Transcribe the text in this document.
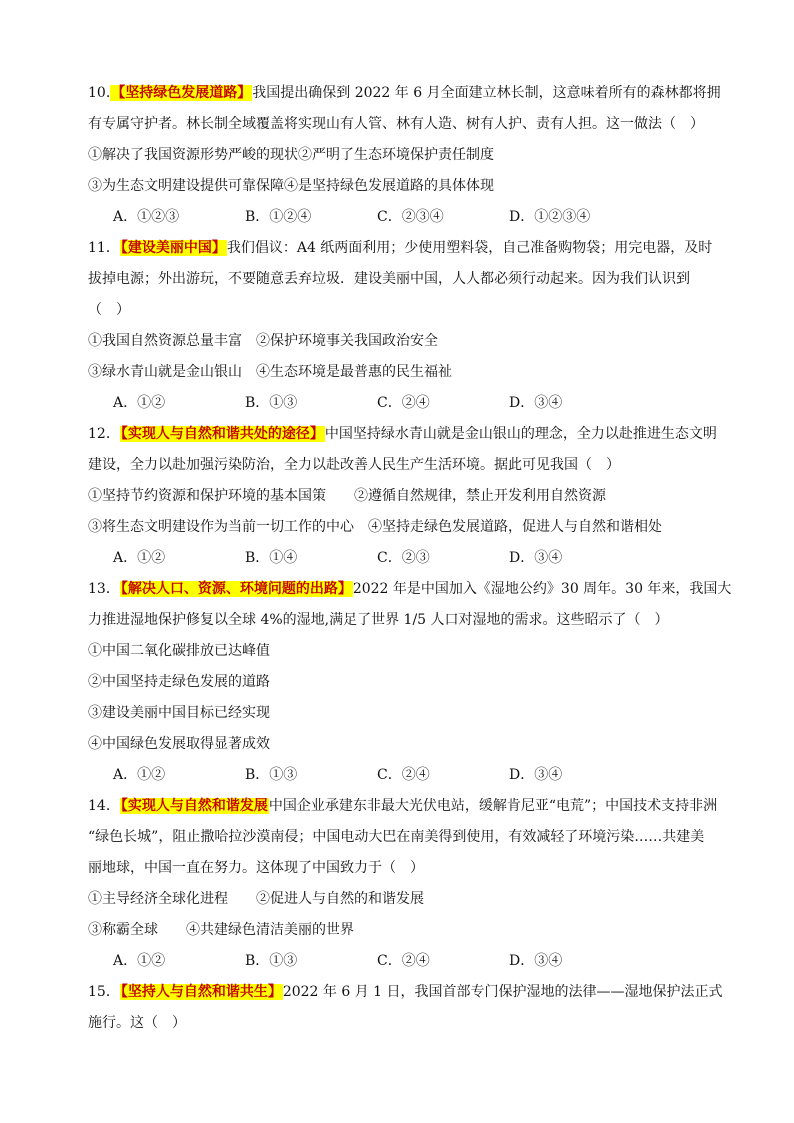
10.【坚持绿色发展道路】我国提出确保到 2022 年 6 月全面建立林长制，这意味着所有的森林都将拥
有专属守护者。林长制全域覆盖将实现山有人管、林有人造、树有人护、责有人担。这一做法（　）
①解决了我国资源形势严峻的现状②严明了生态环境保护责任制度
③为生态文明建设提供可靠保障④是坚持绿色发展道路的具体体现
A．①②③	B．①②④	C．②③④	D．①②③④
11．【建设美丽中国】我们倡议：A4 纸两面利用；少使用塑料袋，自己准备购物袋；用完电器，及时
拔掉电源；外出游玩，不要随意丢弃垃圾．建设美丽中国，人人都必须行动起来。因为我们认识到
（　）
①我国自然资源总量丰富　②保护环境事关我国政治安全
③绿水青山就是金山银山　④生态环境是最普惠的民生福祉
A．①②	B．①③	C．②④	D．③④
12．【实现人与自然和谐共处的途径】中国坚持绿水青山就是金山银山的理念，全力以赴推进生态文明
建设，全力以赴加强污染防治，全力以赴改善人民生产生活环境。据此可见我国（　）
①坚持节约资源和保护环境的基本国策　　②遵循自然规律，禁止开发利用自然资源
③将生态文明建设作为当前一切工作的中心　④坚持走绿色发展道路，促进人与自然和谐相处
A．①②	B．①④	C．②③	D．③④
13．【解决人口、资源、环境问题的出路】2022 年是中国加入《湿地公约》30 周年。30 年来，我国大
力推进湿地保护修复以全球 4%的湿地,满足了世界 1/5 人口对湿地的需求。这些昭示了（　）
①中国二氧化碳排放已达峰值
②中国坚持走绿色发展的道路
③建设美丽中国目标已经实现
④中国绿色发展取得显著成效
A．①②	B．①③	C．②④	D．③④
14．【实现人与自然和谐发展中国企业承建东非最大光伏电站，缓解肯尼亚“电荒”；中国技术支持非洲
“绿色长城”，阻止撒哈拉沙漠南侵；中国电动大巴在南美得到使用，有效减轻了环境污染……共建美
丽地球，中国一直在努力。这体现了中国致力于（　）
①主导经济全球化进程　　②促进人与自然的和谐发展
③称霸全球　　④共建绿色清洁美丽的世界
A．①②	B．①③	C．②④	D．③④
15．【坚持人与自然和谐共生】2022 年 6 月 1 日，我国首部专门保护湿地的法律——湿地保护法正式
施行。这（　）
